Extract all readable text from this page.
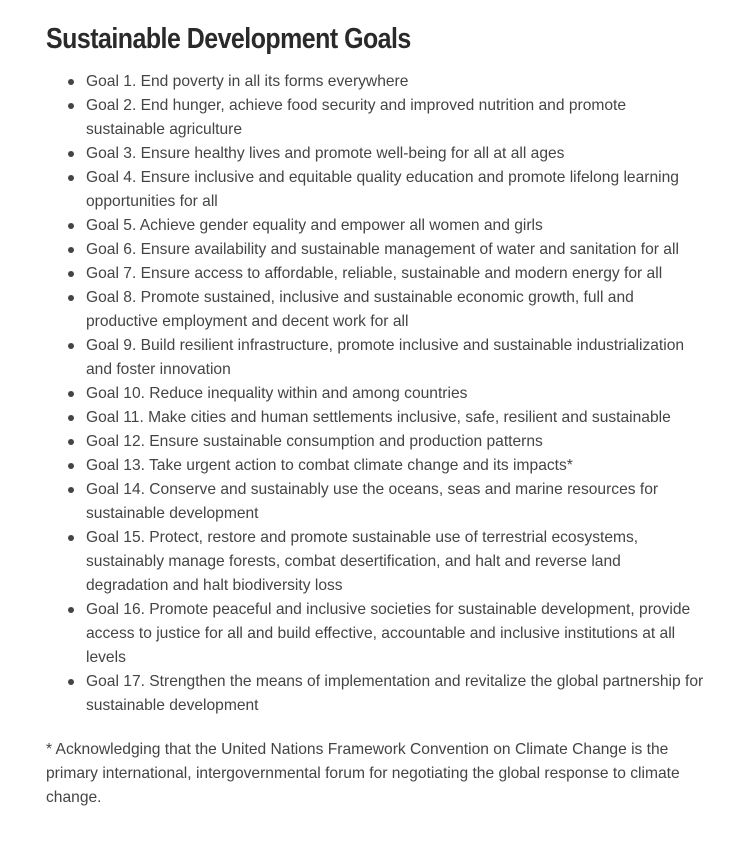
Sustainable Development Goals
Goal 1. End poverty in all its forms everywhere
Goal 2. End hunger, achieve food security and improved nutrition and promote sustainable agriculture
Goal 3. Ensure healthy lives and promote well-being for all at all ages
Goal 4. Ensure inclusive and equitable quality education and promote lifelong learning opportunities for all
Goal 5. Achieve gender equality and empower all women and girls
Goal 6. Ensure availability and sustainable management of water and sanitation for all
Goal 7. Ensure access to affordable, reliable, sustainable and modern energy for all
Goal 8. Promote sustained, inclusive and sustainable economic growth, full and productive employment and decent work for all
Goal 9. Build resilient infrastructure, promote inclusive and sustainable industrialization and foster innovation
Goal 10. Reduce inequality within and among countries
Goal 11. Make cities and human settlements inclusive, safe, resilient and sustainable
Goal 12. Ensure sustainable consumption and production patterns
Goal 13. Take urgent action to combat climate change and its impacts*
Goal 14. Conserve and sustainably use the oceans, seas and marine resources for sustainable development
Goal 15. Protect, restore and promote sustainable use of terrestrial ecosystems, sustainably manage forests, combat desertification, and halt and reverse land degradation and halt biodiversity loss
Goal 16. Promote peaceful and inclusive societies for sustainable development, provide access to justice for all and build effective, accountable and inclusive institutions at all levels
Goal 17. Strengthen the means of implementation and revitalize the global partnership for sustainable development

* Acknowledging that the United Nations Framework Convention on Climate Change is the primary international, intergovernmental forum for negotiating the global response to climate change.
